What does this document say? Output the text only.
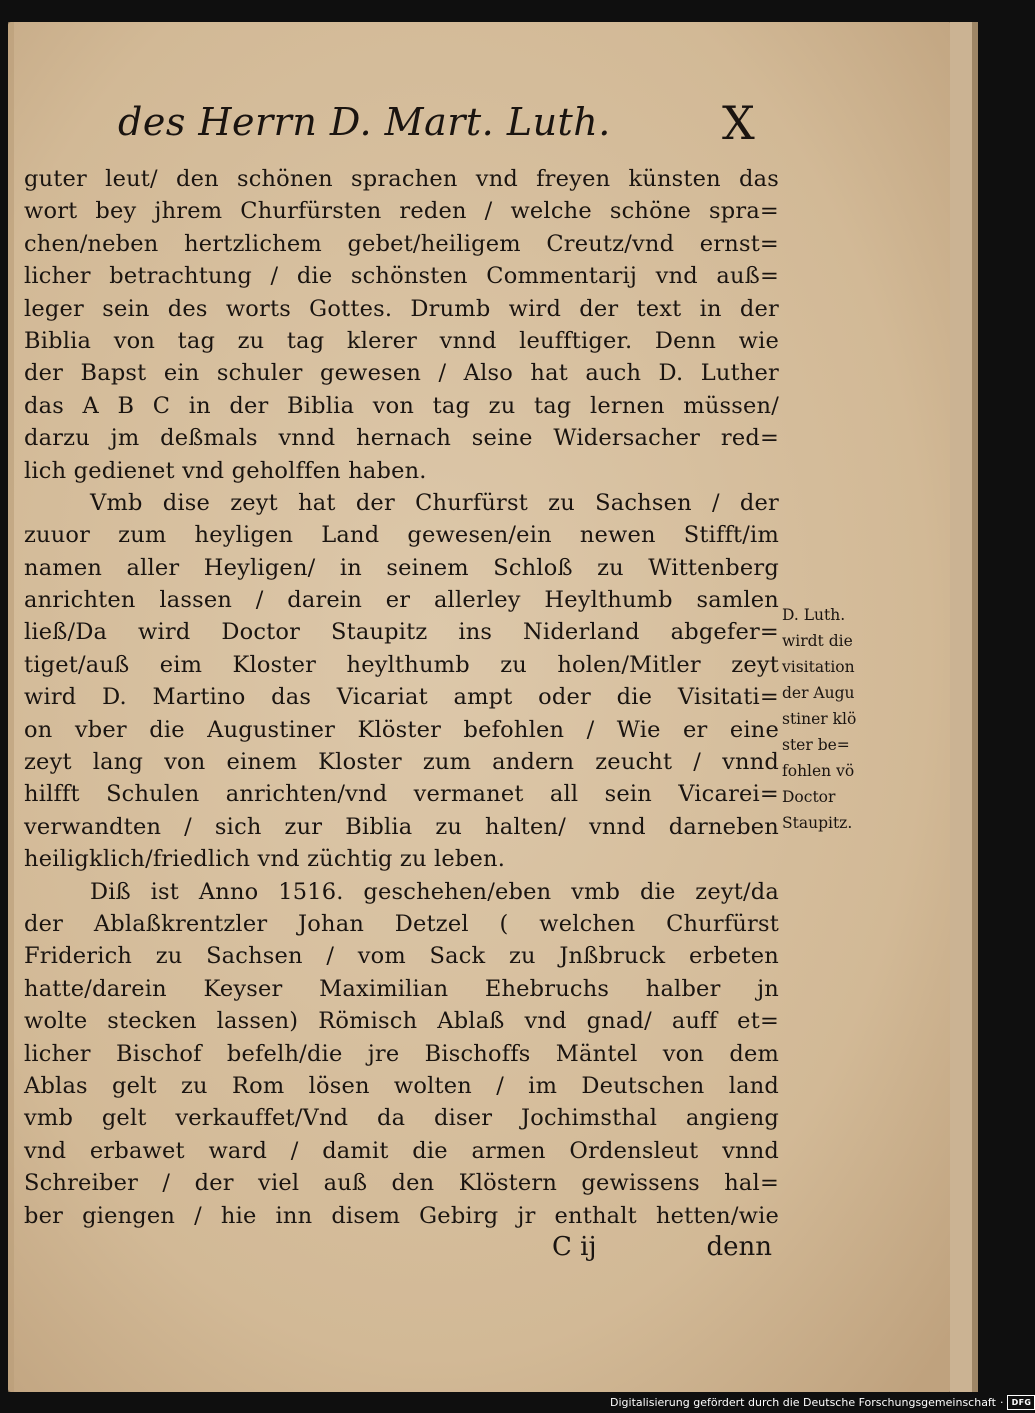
des Herrn D. Mart. Luth. X
guter leut/ den schönen sprachen vnd freyen künsten das
wort bey jhrem Churfürsten reden / welche schöne spra=
chen/neben hertzlichem gebet/heiligem Creutz/vnd ernst=
licher betrachtung / die schönsten Commentarij vnd auß=
leger sein des worts Gottes. Drumb wird der text in der
Biblia von tag zu tag klerer vnnd leufftiger. Denn wie
der Bapst ein schuler gewesen / Also hat auch D. Luther
das A B C in der Biblia von tag zu tag lernen müssen/
darzu jm deßmals vnnd hernach seine Widersacher red=
lich gedienet vnd geholffen haben.
Vmb dise zeyt hat der Churfürst zu Sachsen / der
zuuor zum heyligen Land gewesen/ein newen Stifft/im
namen aller Heyligen/ in seinem Schloß zu Wittenberg
anrichten lassen / darein er allerley Heylthumb samlen
ließ/Da wird Doctor Staupitz ins Niderland abgefer=
tiget/auß eim Kloster heylthumb zu holen/Mitler zeyt
wird D. Martino das Vicariat ampt oder die Visitati=
on vber die Augustiner Klöster befohlen / Wie er eine
zeyt lang von einem Kloster zum andern zeucht / vnnd
hilfft Schulen anrichten/vnd vermanet all sein Vicarei=
verwandten / sich zur Biblia zu halten/ vnnd darneben
heiligklich/friedlich vnd züchtig zu leben.
Diß ist Anno 1516. geschehen/eben vmb die zeyt/da
der Ablaßkrentzler Johan Detzel ( welchen Churfürst
Friderich zu Sachsen / vom Sack zu Jnßbruck erbeten
hatte/darein Keyser Maximilian Ehebruchs halber jn
wolte stecken lassen) Römisch Ablaß vnd gnad/ auff et=
licher Bischof befelh/die jre Bischoffs Mäntel von dem
Ablas gelt zu Rom lösen wolten / im Deutschen land
vmb gelt verkauffet/Vnd da diser Jochimsthal angieng
vnd erbawet ward / damit die armen Ordensleut vnnd
Schreiber / der viel auß den Klöstern gewissens hal=
ber giengen / hie inn disem Gebirg jr enthalt hetten/wie
D. Luth.
wirdt die
visitation
der Augu
stiner klö
ster be=
fohlen vö
Doctor
Staupitz.
C ij	denn
Digitalisierung gefördert durch die Deutsche Forschungsgemeinschaft ·	DFG
